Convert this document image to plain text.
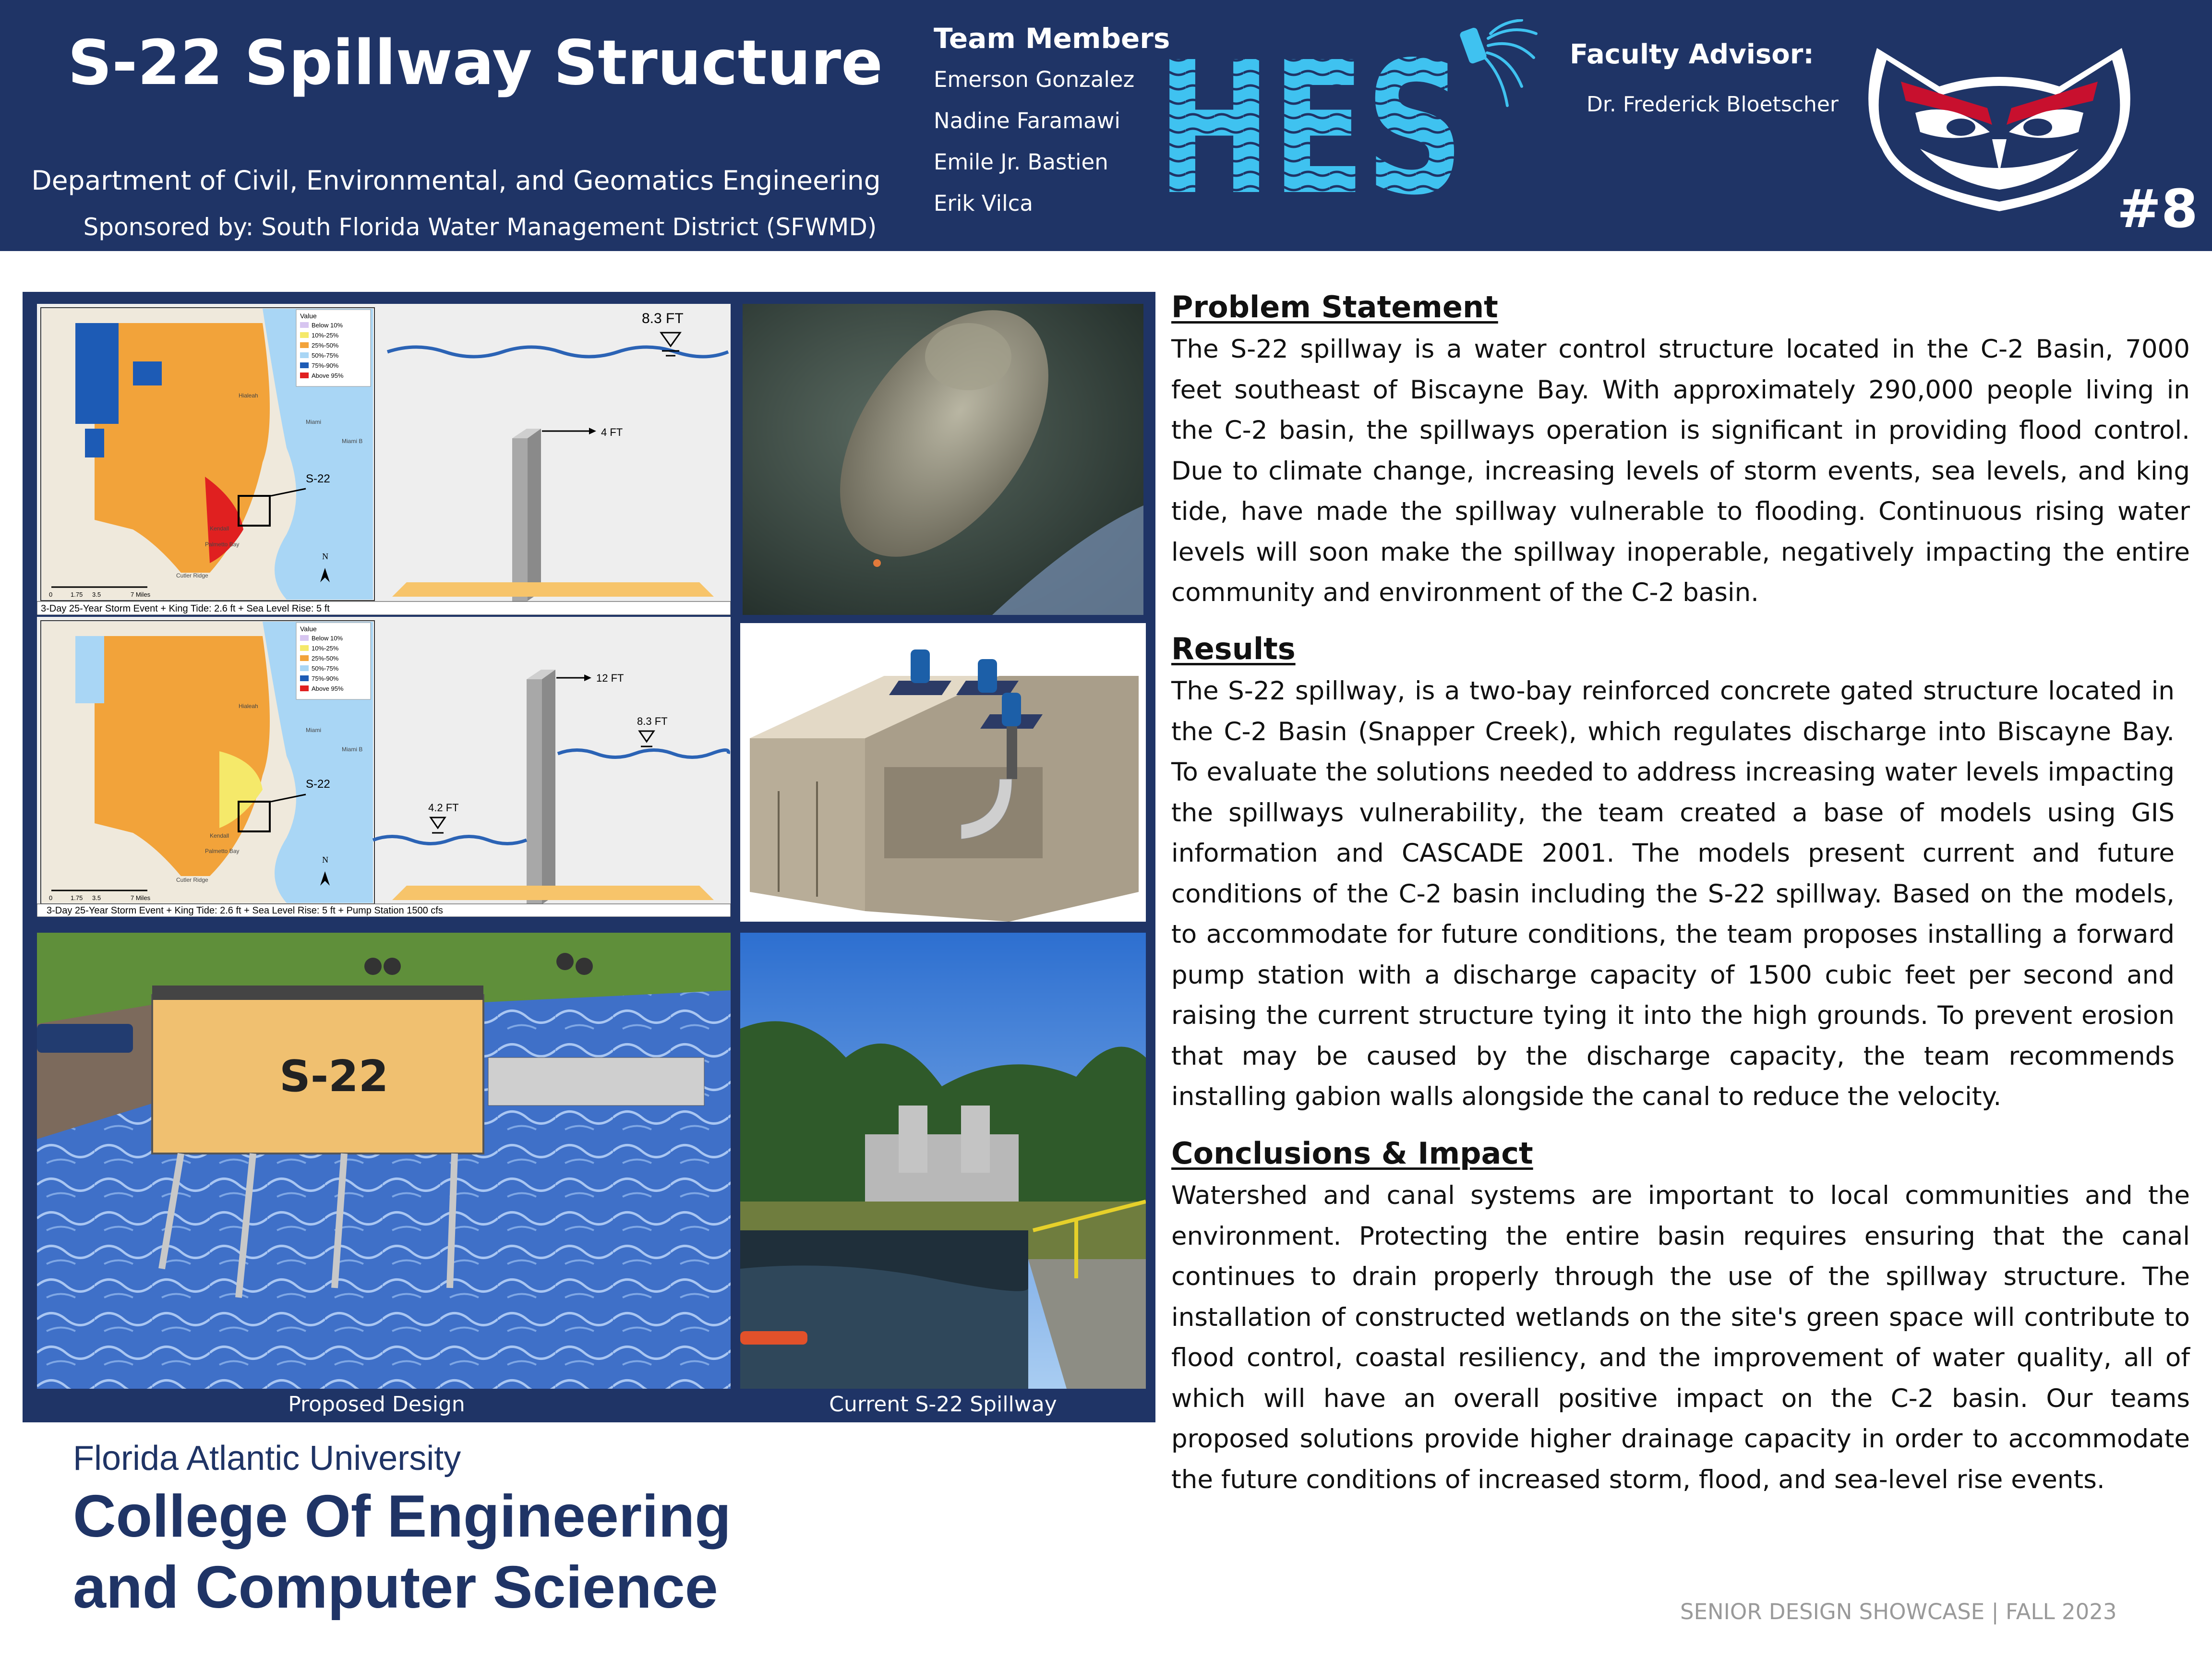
S-22 Spillway Structure
Department of Civil, Environmental, and Geomatics Engineering
Sponsored by: South Florida Water Management District (SFWMD)
Team Members
Emerson Gonzalez
Nadine Faramawi
Emile Jr. Bastien
Erik Vilca HES	Faculty Advisor:
Dr. Frederick Bloetscher
#8
S-22
N
Hialeah
Miami
Miami B
Kendall
Palmetto Bay
Cutler Ridge
Value
Below 10%
10%-25%
25%-50%
50%-75%
75%-90%
Above 95%
0	1.75 3.5	7 Miles
8.3 FT
4 FT
3-Day 25-Year Storm Event + King Tide: 2.6 ft + Sea Level Rise: 5 ft
S-22
N
Hialeah
Miami
Miami B
Kendall
Palmetto Bay
Cutler Ridge
Value
Below 10%
10%-25%
25%-50%
50%-75%
75%-90%
Above 95%
0	1.75 3.5	7 Miles
12 FT
8.3 FT
4.2 FT
3-Day 25-Year Storm Event + King Tide: 2.6 ft + Sea Level Rise: 5 ft + Pump Station 1500 cfs
S-22
Proposed Design	Current S-22 Spillway
Florida Atlantic University
College Of Engineering
and Computer Science
Problem Statement

The S-22 spillway is a water control structure located in the C-2 Basin, 7000 feet southeast of Biscayne Bay. With approximately 290,000 people living in the C-2 basin, the spillways operation is significant in providing flood control. Due to climate change, increasing levels of storm events, sea levels, and king tide, have made the spillway vulnerable to flooding. Continuous rising water levels will soon make the spillway inoperable, negatively impacting the entire community and environment of the C-2 basin.

Results

The S-22 spillway, is a two-bay reinforced concrete gated structure located in the C-2 Basin (Snapper Creek), which regulates discharge into Biscayne Bay. To evaluate the solutions needed to address increasing water levels impacting the spillways vulnerability, the team created a base of models using GIS information and CASCADE 2001. The models present current and future conditions of the C-2 basin including the S-22 spillway. Based on the models, to accommodate for future conditions, the team proposes installing a forward pump station with a discharge capacity of 1500 cubic feet per second and raising the current structure tying it into the high grounds. To prevent erosion that may be caused by the discharge capacity, the team recommends installing gabion walls alongside the canal to reduce the velocity.

Conclusions & Impact

Watershed and canal systems are important to local communities and the environment. Protecting the entire basin requires ensuring that the canal continues to drain properly through the use of the spillway structure. The installation of constructed wetlands on the site's green space will contribute to flood control, coastal resiliency, and the improvement of water quality, all of which will have an overall positive impact on the C-2 basin. Our teams proposed solutions provide higher drainage capacity in order to accommodate the future conditions of increased storm, flood, and sea-level rise events.

SENIOR DESIGN SHOWCASE | FALL 2023
